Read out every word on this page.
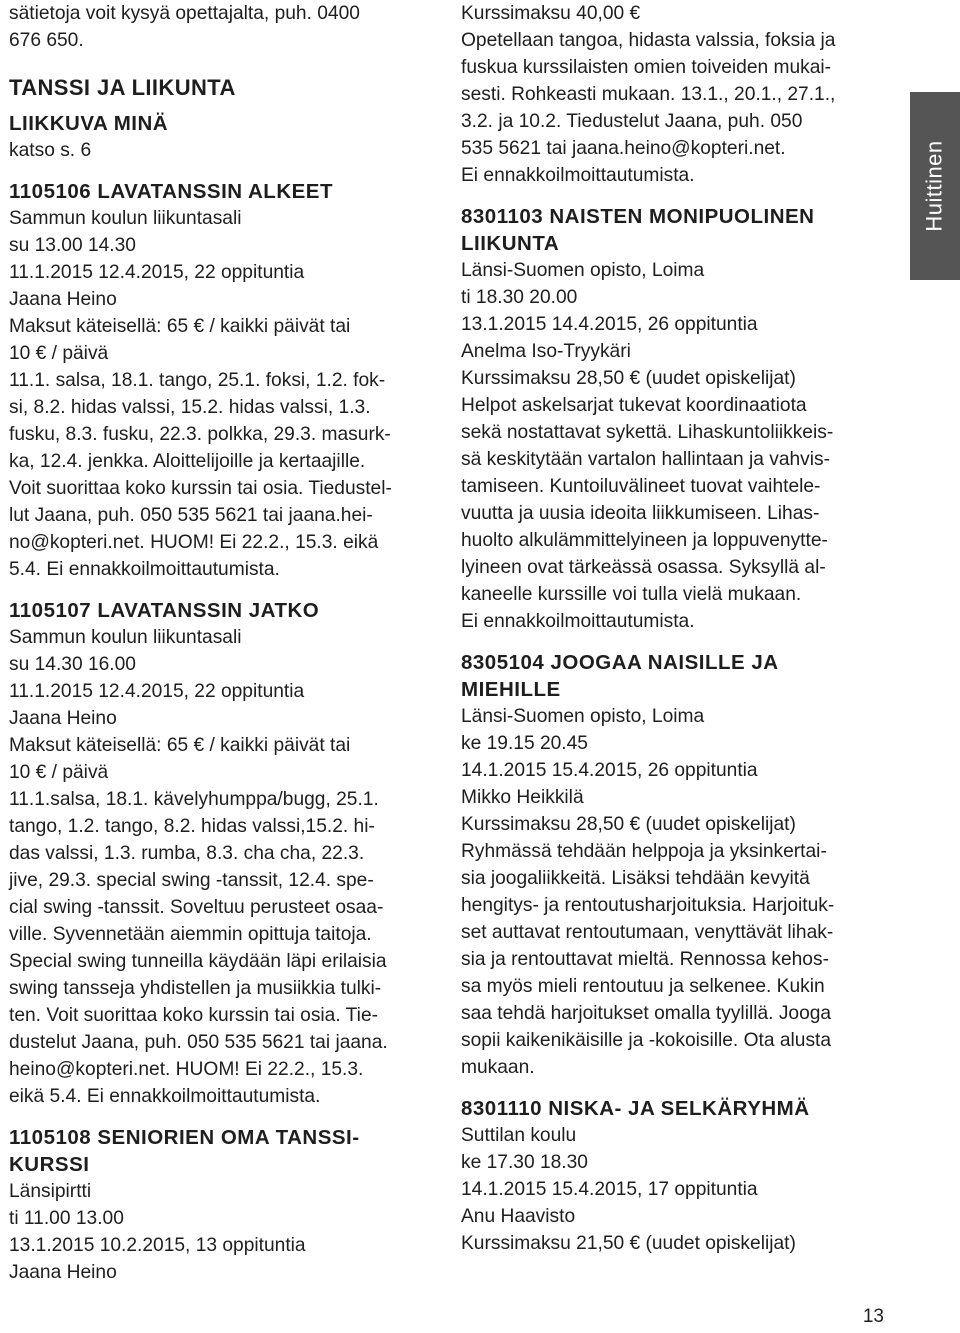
sätietoja voit kysyä opettajalta, puh. 0400
676 650.
TANSSI JA LIIKUNTA
LIIKKUVA MINÄ
katso s. 6
1105106 LAVATANSSIN ALKEET
Sammun koulun liikuntasali
su 13.00 14.30
11.1.2015 12.4.2015, 22 oppituntia
Jaana Heino
Maksut käteisellä: 65 € / kaikki päivät tai
10 € / päivä
11.1. salsa, 18.1. tango, 25.1. foksi, 1.2. fok-
si, 8.2. hidas valssi, 15.2. hidas valssi, 1.3.
fusku, 8.3. fusku, 22.3. polkka, 29.3. masurk-
ka, 12.4. jenkka. Aloittelijoille ja kertaajille.
Voit suorittaa koko kurssin tai osia. Tiedustel-
lut Jaana, puh. 050 535 5621 tai jaana.hei-
no@kopteri.net. HUOM! Ei 22.2., 15.3. eikä
5.4. Ei ennakkoilmoittautumista.
1105107 LAVATANSSIN JATKO
Sammun koulun liikuntasali
su 14.30 16.00
11.1.2015 12.4.2015, 22 oppituntia
Jaana Heino
Maksut käteisellä: 65 € / kaikki päivät tai
10 € / päivä
11.1.salsa, 18.1. kävelyhumppa/bugg, 25.1.
tango, 1.2. tango, 8.2. hidas valssi,15.2. hi-
das valssi, 1.3. rumba, 8.3. cha cha, 22.3.
jive, 29.3. special swing -tanssit, 12.4. spe-
cial swing -tanssit. Soveltuu perusteet osaa-
ville. Syvennetään aiemmin opittuja taitoja.
Special swing tunneilla käydään läpi erilaisia
swing tansseja yhdistellen ja musiikkia tulki-
ten. Voit suorittaa koko kurssin tai osia. Tie-
dustelut Jaana, puh. 050 535 5621 tai jaana.
heino@kopteri.net. HUOM! Ei 22.2., 15.3.
eikä 5.4. Ei ennakkoilmoittautumista.
1105108 SENIORIEN OMA TANSSI-
KURSSI
Länsipirtti
ti 11.00 13.00
13.1.2015 10.2.2015, 13 oppituntia
Jaana Heino
Kurssimaksu 40,00 €
Opetellaan tangoa, hidasta valssia, foksia ja
fuskua kurssilaisten omien toiveiden mukai-
sesti. Rohkeasti mukaan. 13.1., 20.1., 27.1.,
3.2. ja 10.2. Tiedustelut Jaana, puh. 050
535 5621 tai jaana.heino@kopteri.net.
Ei ennakkoilmoittautumista.
8301103 NAISTEN MONIPUOLINEN
LIIKUNTA
Länsi-Suomen opisto, Loima
ti 18.30 20.00
13.1.2015 14.4.2015, 26 oppituntia
Anelma Iso-Tryykäri
Kurssimaksu 28,50 € (uudet opiskelijat)
Helpot askelsarjat tukevat koordinaatiota
sekä nostattavat sykettä. Lihaskuntoliikkeis-
sä keskitytään vartalon hallintaan ja vahvis-
tamiseen. Kuntoiluvälineet tuovat vaihtele-
vuutta ja uusia ideoita liikkumiseen. Lihas-
huolto alkulämmittelyineen ja loppuvenytte-
lyineen ovat tärkeässä osassa. Syksyllä al-
kaneelle kurssille voi tulla vielä mukaan.
Ei ennakkoilmoittautumista.
8305104 JOOGAA NAISILLE JA
MIEHILLE
Länsi-Suomen opisto, Loima
ke 19.15 20.45
14.1.2015 15.4.2015, 26 oppituntia
Mikko Heikkilä
Kurssimaksu 28,50 € (uudet opiskelijat)
Ryhmässä tehdään helppoja ja yksinkertai-
sia joogaliikkeitä. Lisäksi tehdään kevyitä
hengitys- ja rentoutusharjoituksia. Harjoituk-
set auttavat rentoutumaan, venyttävät lihak-
sia ja rentouttavat mieltä. Rennossa kehos-
sa myös mieli rentoutuu ja selkenee. Kukin
saa tehdä harjoitukset omalla tyylillä. Jooga
sopii kaikenikäisille ja -kokoisille. Ota alusta
mukaan.
8301110 NISKA- JA SELKÄRYHMÄ
Suttilan koulu
ke 17.30 18.30
14.1.2015 15.4.2015, 17 oppituntia
Anu Haavisto
Kurssimaksu 21,50 € (uudet opiskelijat)
Huittinen
13
